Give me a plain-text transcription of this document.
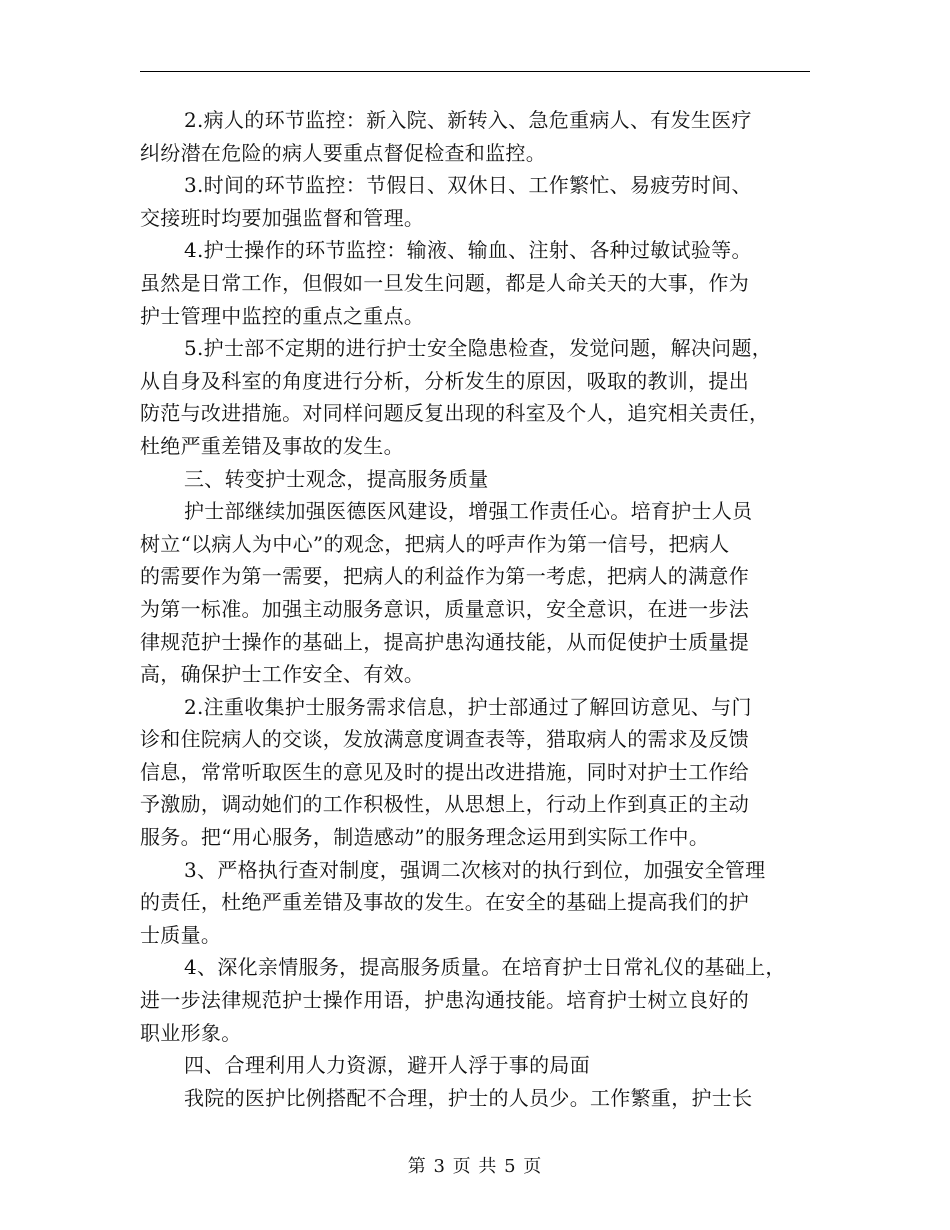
2.病人的环节监控：新入院、新转入、急危重病人、有发生医疗
纠纷潜在危险的病人要重点督促检查和监控。
3.时间的环节监控：节假日、双休日、工作繁忙、易疲劳时间、
交接班时均要加强监督和管理。
4.护士操作的环节监控：输液、输血、注射、各种过敏试验等。
虽然是日常工作，但假如一旦发生问题，都是人命关天的大事，作为
护士管理中监控的重点之重点。
5.护士部不定期的进行护士安全隐患检查，发觉问题，解决问题，
从自身及科室的角度进行分析，分析发生的原因，吸取的教训，提出
防范与改进措施。对同样问题反复出现的科室及个人，追究相关责任，
杜绝严重差错及事故的发生。
三、转变护士观念，提高服务质量
护士部继续加强医德医风建设，增强工作责任心。培育护士人员
树立“以病人为中心”的观念，把病人的呼声作为第一信号，把病人
的需要作为第一需要，把病人的利益作为第一考虑，把病人的满意作
为第一标准。加强主动服务意识，质量意识，安全意识，在进一步法
律规范护士操作的基础上，提高护患沟通技能，从而促使护士质量提
高，确保护士工作安全、有效。
2.注重收集护士服务需求信息，护士部通过了解回访意见、与门
诊和住院病人的交谈，发放满意度调查表等，猎取病人的需求及反馈
信息，常常听取医生的意见及时的提出改进措施，同时对护士工作给
予激励，调动她们的工作积极性，从思想上，行动上作到真正的主动
服务。把“用心服务，制造感动”的服务理念运用到实际工作中。
3、严格执行查对制度，强调二次核对的执行到位，加强安全管理
的责任，杜绝严重差错及事故的发生。在安全的基础上提高我们的护
士质量。
4、深化亲情服务，提高服务质量。在培育护士日常礼仪的基础上，
进一步法律规范护士操作用语，护患沟通技能。培育护士树立良好的
职业形象。
四、合理利用人力资源，避开人浮于事的局面
我院的医护比例搭配不合理，护士的人员少。工作繁重，护士长
第 3 页 共 5 页
